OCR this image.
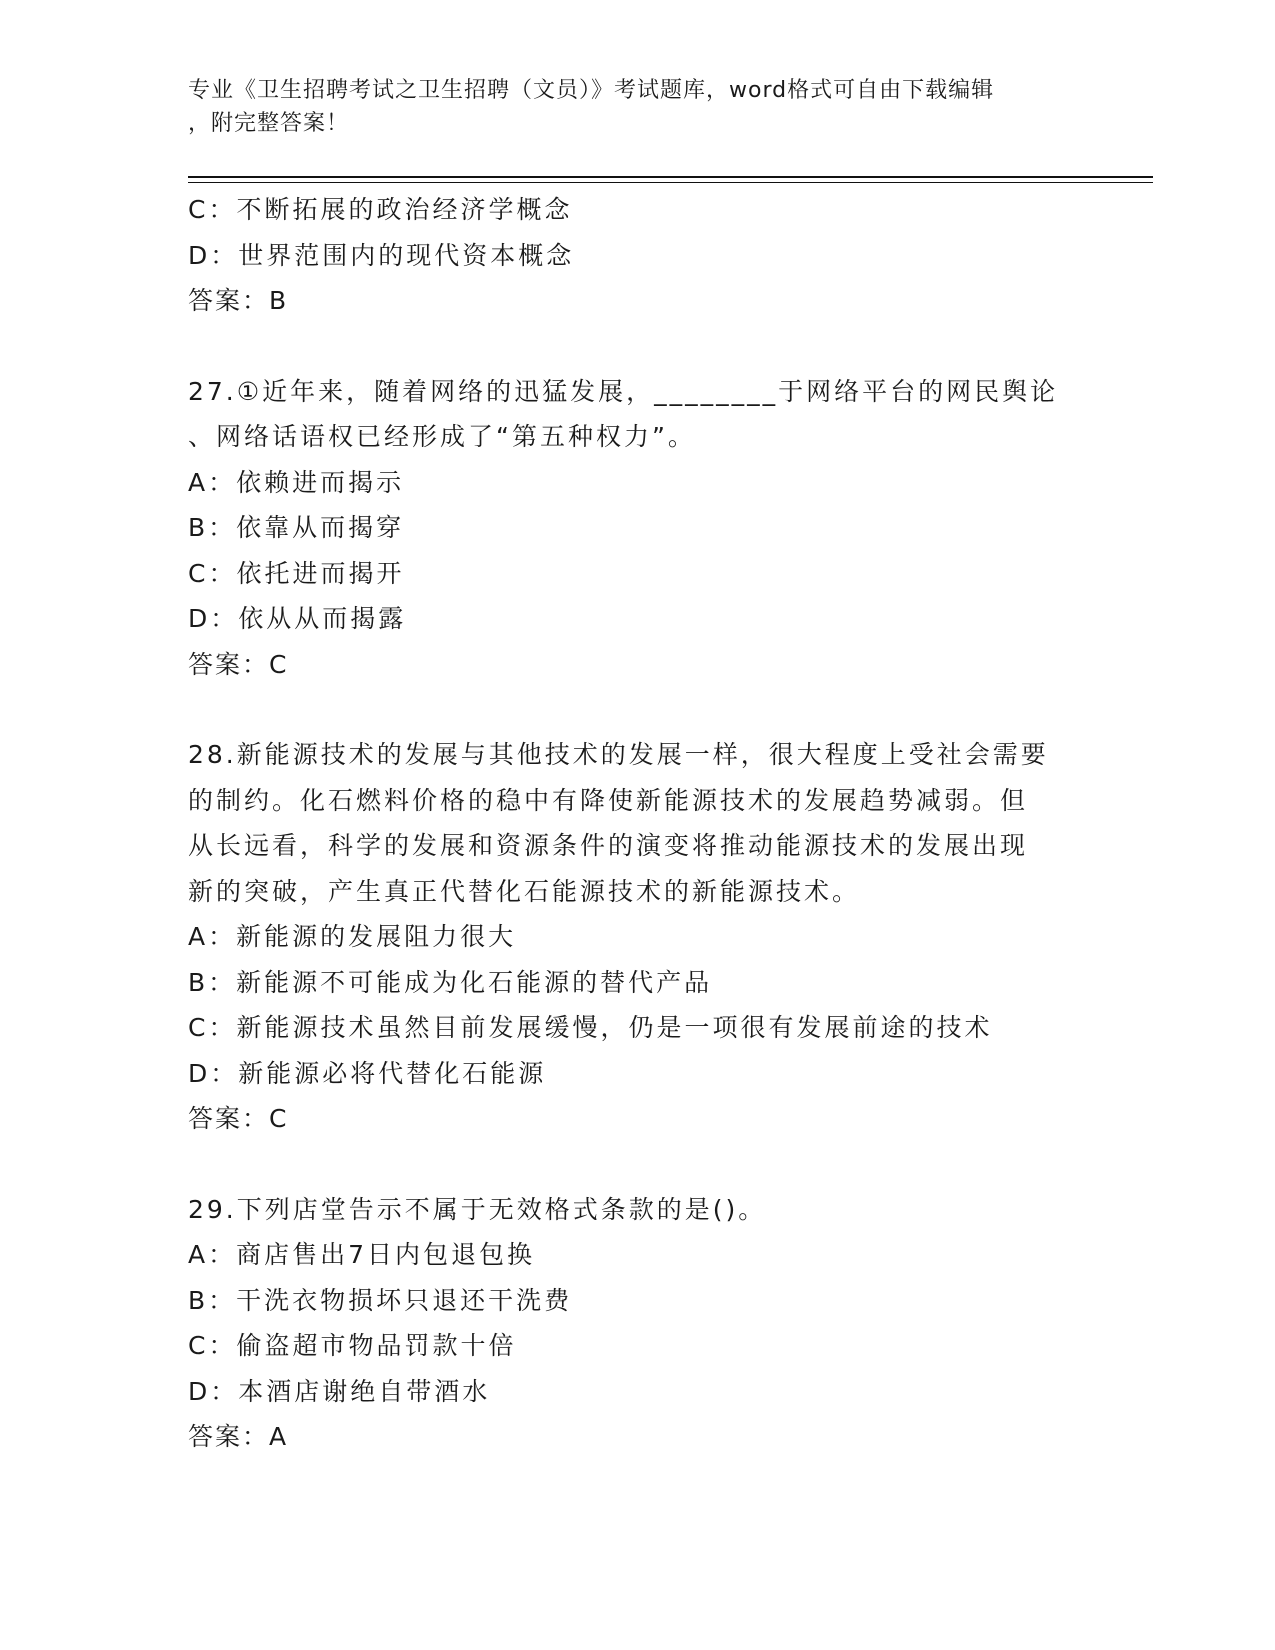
专业《卫生招聘考试之卫生招聘（文员）》考试题库，word格式可自由下载编辑
，附完整答案！
C：不断拓展的政治经济学概念
D：世界范围内的现代资本概念
答案：B
27.①近年来，随着网络的迅猛发展，________于网络平台的网民舆论
、网络话语权已经形成了“第五种权力”。
A：依赖进而揭示
B：依靠从而揭穿
C：依托进而揭开
D：依从从而揭露
答案：C
28.新能源技术的发展与其他技术的发展一样，很大程度上受社会需要
的制约。化石燃料价格的稳中有降使新能源技术的发展趋势减弱。但
从长远看，科学的发展和资源条件的演变将推动能源技术的发展出现
新的突破，产生真正代替化石能源技术的新能源技术。
A：新能源的发展阻力很大
B：新能源不可能成为化石能源的替代产品
C：新能源技术虽然目前发展缓慢，仍是一项很有发展前途的技术
D：新能源必将代替化石能源
答案：C
29.下列店堂告示不属于无效格式条款的是()。
A：商店售出7日内包退包换
B：干洗衣物损坏只退还干洗费
C：偷盗超市物品罚款十倍
D：本酒店谢绝自带酒水
答案：A
